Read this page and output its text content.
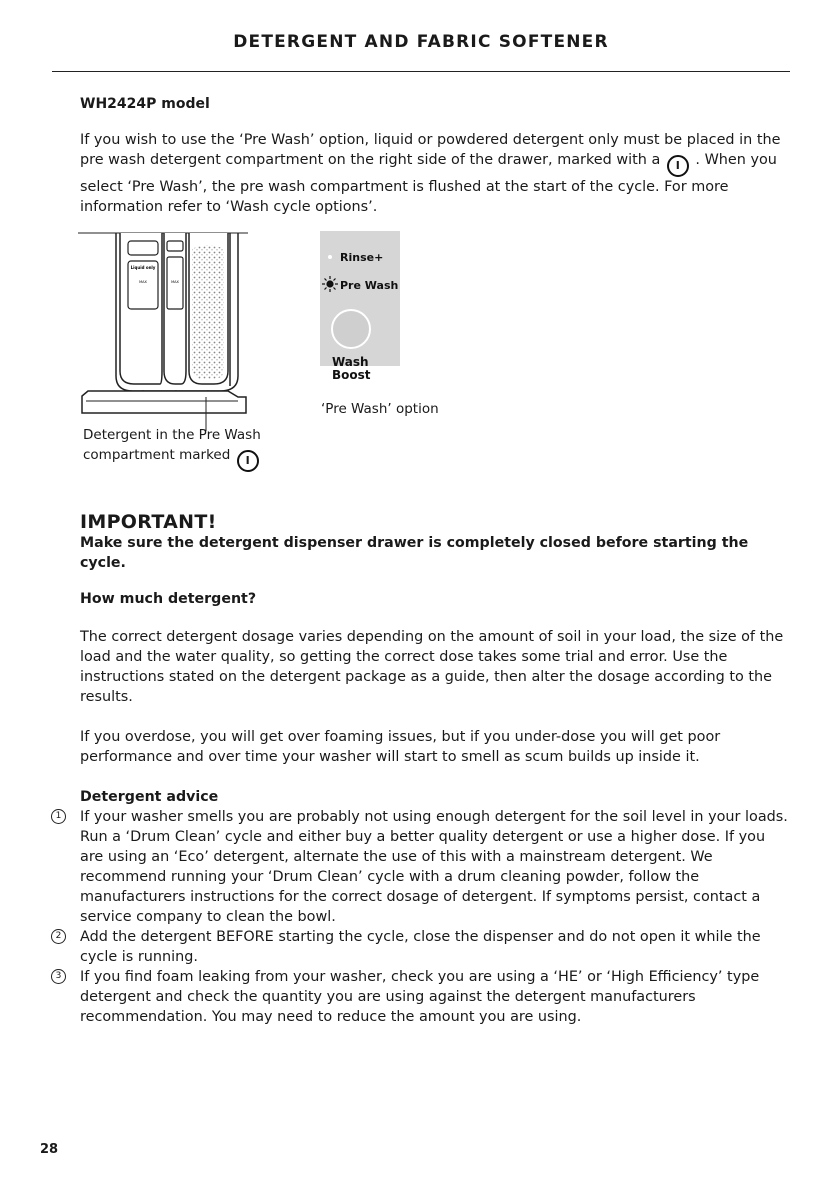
DETERGENT AND FABRIC SOFTENER
WH2424P model

If you wish to use the ‘Pre Wash’ option, liquid or powdered detergent only must be placed in the pre wash detergent compartment on the right side of the drawer, marked with a I . When you select ‘Pre Wash’, the pre wash compartment is flushed at the start of the cycle. For more information refer to ‘Wash cycle options’.

Liquid only
MAX	MAX
Detergent in the Pre Wash
compartment marked I
Rinse+
Pre Wash
Wash
Boost
‘Pre Wash’ option
IMPORTANT!
Make sure the detergent dispenser drawer is completely closed before starting the cycle.
How much detergent?

The correct detergent dosage varies depending on the amount of soil in your load, the size of the load and the water quality, so getting the correct dose takes some trial and error. Use the instructions stated on the detergent package as a guide, then alter the dosage according to the results.

If you overdose, you will get over foaming issues, but if you under-dose you will get poor performance and over time your washer will start to smell as scum builds up inside it.

Detergent advice
1	If your washer smells you are probably not using enough detergent for the soil level in your loads. Run a ‘Drum Clean’ cycle and either buy a better quality detergent or use a higher dose. If you are using an ‘Eco’ detergent, alternate the use of this with a mainstream detergent. We recommend running your ‘Drum Clean’ cycle with a drum cleaning powder, follow the manufacturers instructions for the correct dosage of detergent. If symptoms persist, contact a service company to clean the bowl.

2	Add the detergent BEFORE starting the cycle, close the dispenser and do not open it while the cycle is running.

3	If you find foam leaking from your washer, check you are using a ‘HE’ or ‘High Efficiency’ type detergent and check the quantity you are using against the detergent manufacturers recommendation. You may need to reduce the amount you are using.

28
